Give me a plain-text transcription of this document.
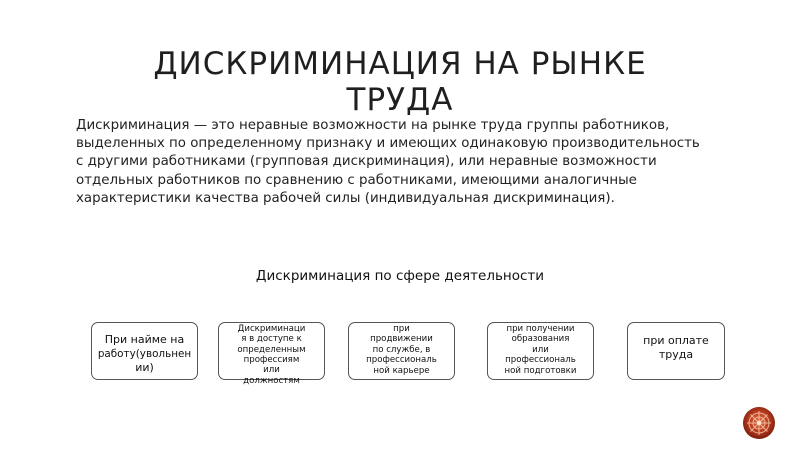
ДИСКРИМИНАЦИЯ НА РЫНКЕ
ТРУДА

Дискриминация — это неравные возможности на рынке труда группы работников,
выделенных по определенному признаку и имеющих одинаковую производительность
с другими работниками (групповая дискриминация), или неравные возможности
отдельных работников по сравнению с работниками, имеющими аналогичные
характеристики качества рабочей силы (индивидуальная дискриминация).

Дискриминация по сфере деятельности
При найме на
работу(увольнен
ии)
Дискриминаци
я в доступе к
определенным
профессиям
или
должностям
при
продвижении
по службе, в
профессиональ
ной карьере
при получении
образования
или
профессиональ
ной подготовки
при оплате
труда
